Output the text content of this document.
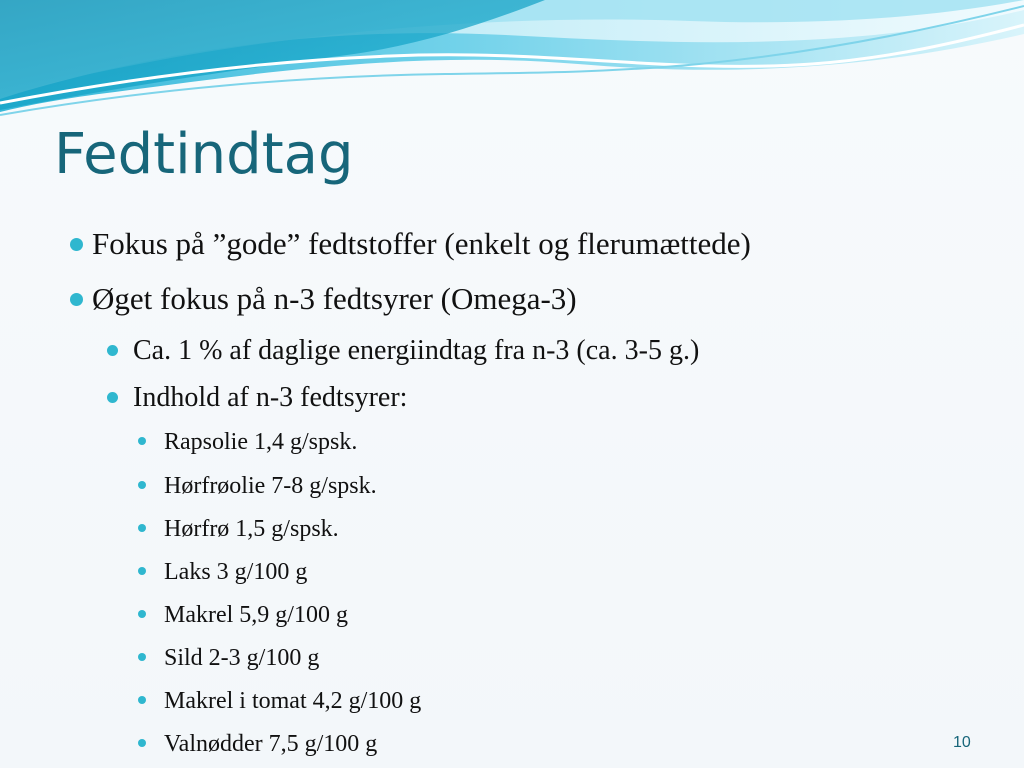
Fedtindtag
Fokus på ”gode” fedtstoffer (enkelt og flerumættede)
Øget fokus på n-3 fedtsyrer (Omega-3)
Ca. 1 % af daglige energiindtag fra n-3 (ca. 3-5 g.)
Indhold af n-3 fedtsyrer:
Rapsolie 1,4 g/spsk.
Hørfrøolie 7-8 g/spsk.
Hørfrø 1,5 g/spsk.
Laks 3 g/100 g
Makrel 5,9 g/100 g
Sild 2-3 g/100 g
Makrel i tomat 4,2 g/100 g
Valnødder 7,5 g/100 g	10
